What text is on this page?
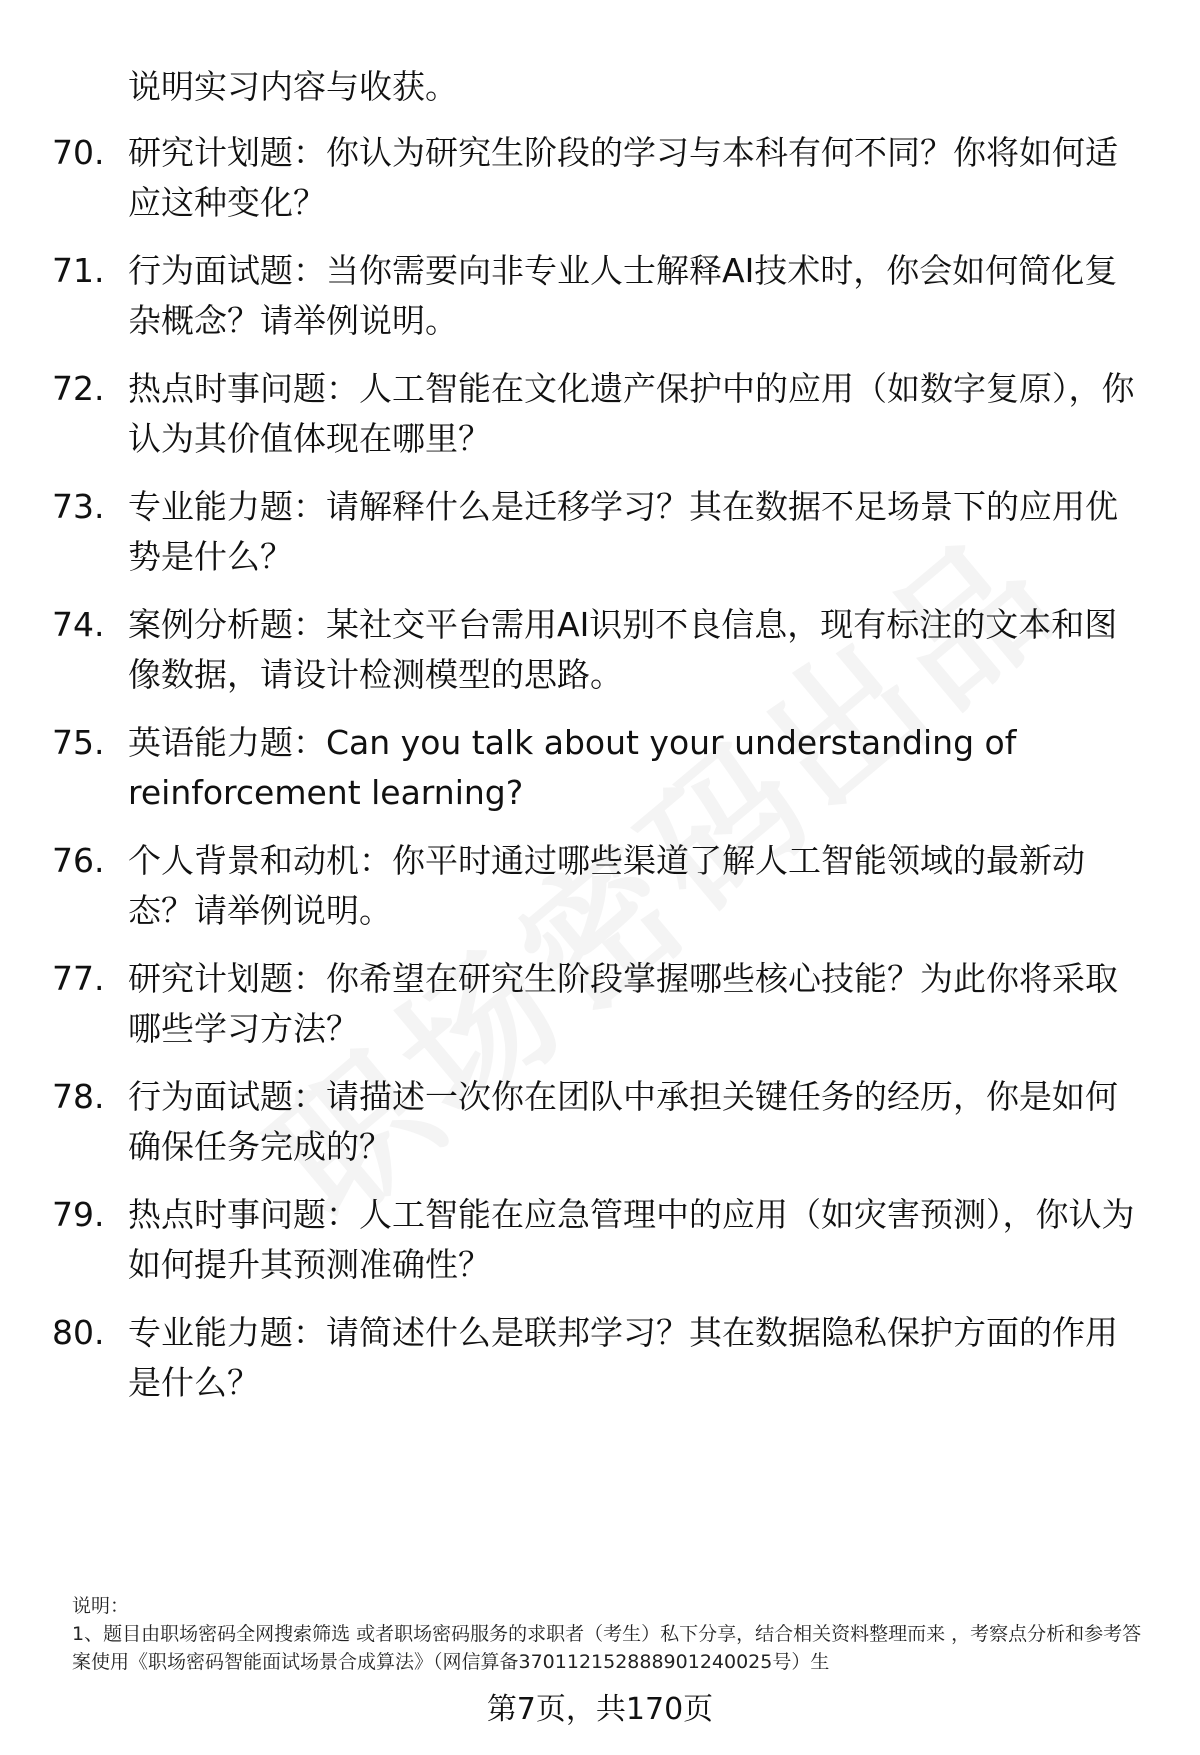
说明实习内容与收获。
70. 研究计划题：你认为研究生阶段的学习与本科有何不同？你将如何适应这种变化？
71. 行为面试题：当你需要向非专业人士解释AI技术时，你会如何简化复杂概念？请举例说明。
72. 热点时事问题：人工智能在文化遗产保护中的应用（如数字复原），你认为其价值体现在哪里？
73. 专业能力题：请解释什么是迁移学习？其在数据不足场景下的应用优势是什么？
74. 案例分析题：某社交平台需用AI识别不良信息，现有标注的文本和图像数据，请设计检测模型的思路。
75. 英语能力题：Can you talk about your understanding of reinforcement learning?
76. 个人背景和动机：你平时通过哪些渠道了解人工智能领域的最新动态？请举例说明。
77. 研究计划题：你希望在研究生阶段掌握哪些核心技能？为此你将采取哪些学习方法？
78. 行为面试题：请描述一次你在团队中承担关键任务的经历，你是如何确保任务完成的？
79. 热点时事问题：人工智能在应急管理中的应用（如灾害预测），你认为如何提升其预测准确性？
80. 专业能力题：请简述什么是联邦学习？其在数据隐私保护方面的作用是什么？
说明：
1、题目由职场密码全网搜索筛选 或者职场密码服务的求职者（考生）私下分享，结合相关资料整理而来 ，考察点分析和参考答案使用《职场密码智能面试场景合成算法》（网信算备370112152888901240025号）生
第7页，共170页
